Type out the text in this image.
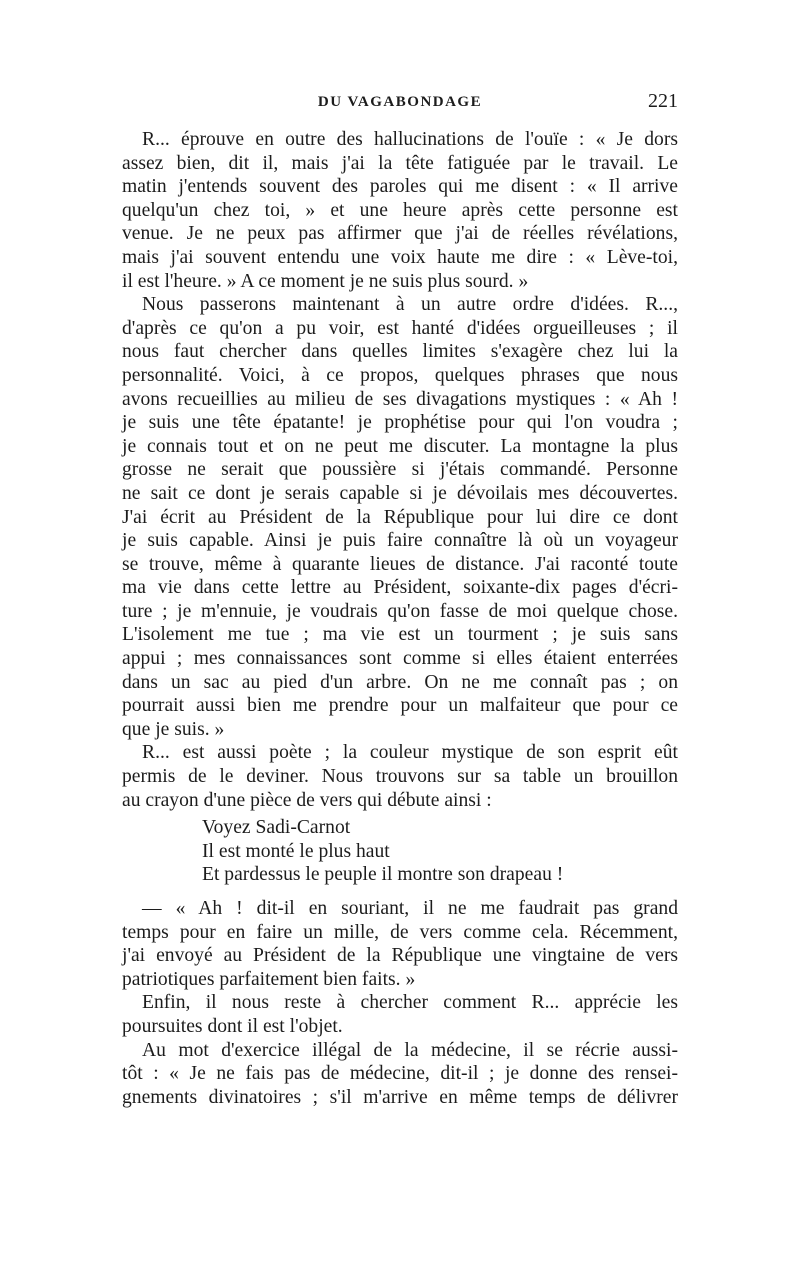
DU VAGABONDAGE	221
R... éprouve en outre des hallucinations de l'ouïe : « Je dors
assez bien, dit il, mais j'ai la tête fatiguée par le travail. Le
matin j'entends souvent des paroles qui me disent : « Il arrive
quelqu'un chez toi, » et une heure après cette personne est
venue. Je ne peux pas affirmer que j'ai de réelles révélations,
mais j'ai souvent entendu une voix haute me dire : « Lève-toi,
il est l'heure. » A ce moment je ne suis plus sourd. »
Nous passerons maintenant à un autre ordre d'idées. R...,
d'après ce qu'on a pu voir, est hanté d'idées orgueilleuses ; il
nous faut chercher dans quelles limites s'exagère chez lui la
personnalité. Voici, à ce propos, quelques phrases que nous
avons recueillies au milieu de ses divagations mystiques : « Ah !
je suis une tête épatante! je prophétise pour qui l'on voudra ;
je connais tout et on ne peut me discuter. La montagne la plus
grosse ne serait que poussière si j'étais commandé. Personne
ne sait ce dont je serais capable si je dévoilais mes découvertes.
J'ai écrit au Président de la République pour lui dire ce dont
je suis capable. Ainsi je puis faire connaître là où un voyageur
se trouve, même à quarante lieues de distance. J'ai raconté toute
ma vie dans cette lettre au Président, soixante-dix pages d'écri-
ture ; je m'ennuie, je voudrais qu'on fasse de moi quelque chose.
L'isolement me tue ; ma vie est un tourment ; je suis sans
appui ; mes connaissances sont comme si elles étaient enterrées
dans un sac au pied d'un arbre. On ne me connaît pas ; on
pourrait aussi bien me prendre pour un malfaiteur que pour ce
que je suis. »
R... est aussi poète ; la couleur mystique de son esprit eût
permis de le deviner. Nous trouvons sur sa table un brouillon
au crayon d'une pièce de vers qui débute ainsi :
Voyez Sadi-Carnot
Il est monté le plus haut
Et pardessus le peuple il montre son drapeau !
— « Ah ! dit-il en souriant, il ne me faudrait pas grand
temps pour en faire un mille, de vers comme cela. Récemment,
j'ai envoyé au Président de la République une vingtaine de vers
patriotiques parfaitement bien faits. »
Enfin, il nous reste à chercher comment R... apprécie les
poursuites dont il est l'objet.
Au mot d'exercice illégal de la médecine, il se récrie aussi-
tôt : « Je ne fais pas de médecine, dit-il ; je donne des rensei-
gnements divinatoires ; s'il m'arrive en même temps de délivrer
